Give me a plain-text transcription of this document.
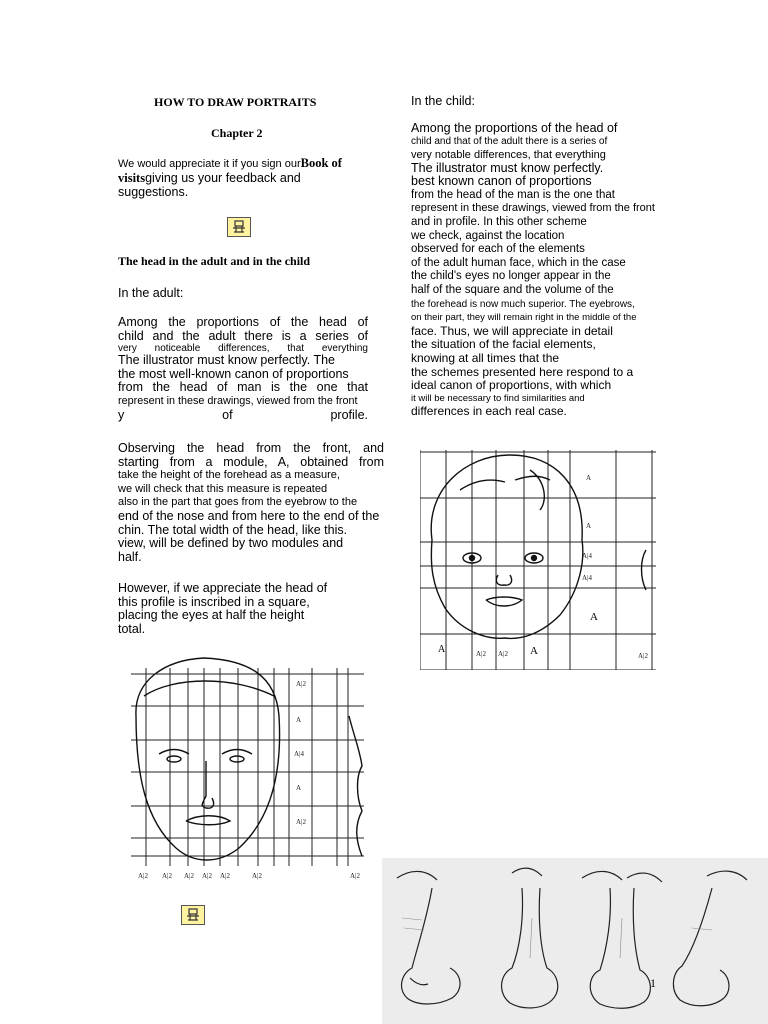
HOW TO DRAW PORTRAITS
Chapter 2
We would appreciate it if you sign ourBook of
visitsgiving us your feedback and
suggestions.
The head in the adult and in the child
In the adult:
Among the proportions of the head of
child and the adult there is a series of
very noticeable differences, that everything
The illustrator must know perfectly. The
the most well-known canon of proportions
from the head of man is the one that
represent in these drawings, viewed from the front
y of profile.
Observing the head from the front, and
starting from a module, A, obtained from
take the height of the forehead as a measure,
we will check that this measure is repeated
also in the part that goes from the eyebrow to the
end of the nose and from here to the end of the
chin. The total width of the head, like this.
view, will be defined by two modules and
half.
However, if we appreciate the head of
this profile is inscribed in a square,
placing the eyes at half the height
total.
A|2
A
A|4
A
A|2
A|2 A|2 A|2 A|2 A|2	A|2	A|2
In the child:
Among the proportions of the head of
child and that of the adult there is a series of
very notable differences, that everything
The illustrator must know perfectly.
best known canon of proportions
from the head of the man is the one that
represent in these drawings, viewed from the front
and in profile. In this other scheme
we check, against the location
observed for each of the elements
of the adult human face, which in the case
the child's eyes no longer appear in the
half of the square and the volume of the
the forehead is now much superior. The eyebrows,
on their part, they will remain right in the middle of the
face. Thus, we will appreciate in detail
the situation of the facial elements,
knowing at all times that the
the schemes presented here respond to a
ideal canon of proportions, with which
it will be necessary to find similarities and
differences in each real case.
A
A
A|4
A|4
A|2
A|2 A|2
A
A	A
1
